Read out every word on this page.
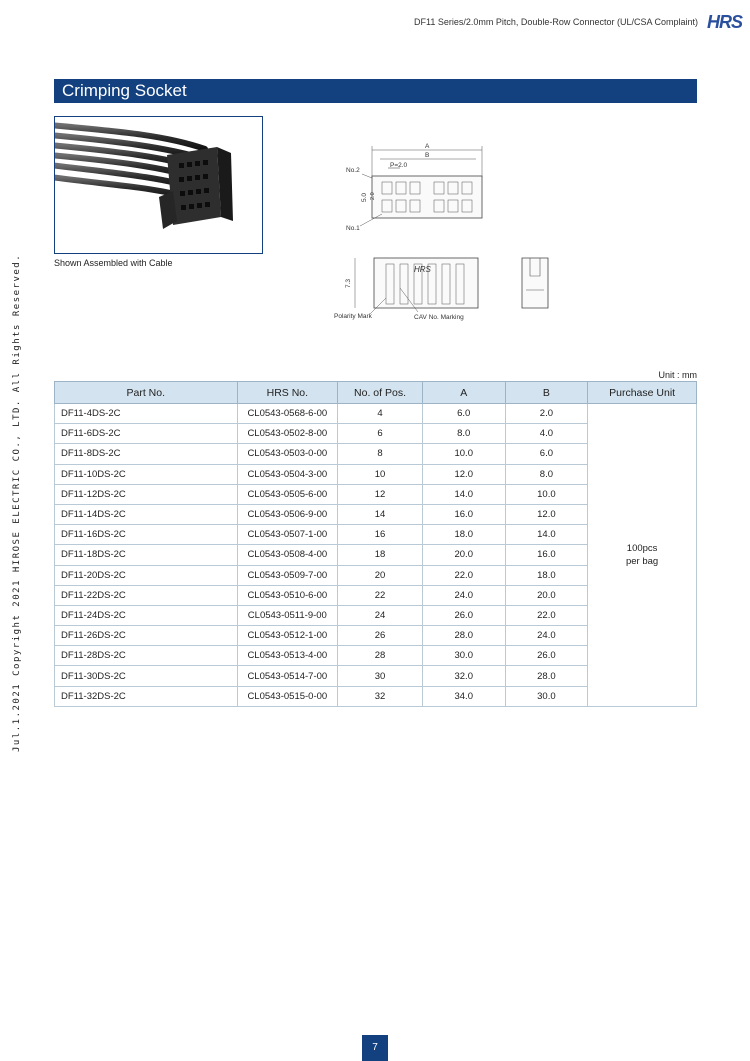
DF11 Series/2.0mm Pitch, Double-Row Connector (UL/CSA Complaint) HRS
Jul.1.2021 Copyright 2021 HIROSE ELECTRIC CO., LTD. All Rights Reserved.
Crimping Socket
Shown Assembled with Cable
A
B
P=2.0
No.2
5.0 2.0
No.1
HRS
7.3
Polarity Mark	CAV No. Marking
Unit : mm
Part No.	HRS No.	No. of Pos.	A	B	Purchase Unit
DF11-4DS-2C	CL0543-0568-6-00	4	6.0	2.0	100pcs
per bag
DF11-6DS-2C	CL0543-0502-8-00	6	8.0	4.0	
DF11-8DS-2C	CL0543-0503-0-00	8	10.0	6.0	
DF11-10DS-2C	CL0543-0504-3-00	10	12.0	8.0	
DF11-12DS-2C	CL0543-0505-6-00	12	14.0	10.0	
DF11-14DS-2C	CL0543-0506-9-00	14	16.0	12.0	
DF11-16DS-2C	CL0543-0507-1-00	16	18.0	14.0	
DF11-18DS-2C	CL0543-0508-4-00	18	20.0	16.0	
DF11-20DS-2C	CL0543-0509-7-00	20	22.0	18.0	
DF11-22DS-2C	CL0543-0510-6-00	22	24.0	20.0	
DF11-24DS-2C	CL0543-0511-9-00	24	26.0	22.0	
DF11-26DS-2C	CL0543-0512-1-00	26	28.0	24.0	
DF11-28DS-2C	CL0543-0513-4-00	28	30.0	26.0	
DF11-30DS-2C	CL0543-0514-7-00	30	32.0	28.0	
DF11-32DS-2C	CL0543-0515-0-00	32	34.0	30.0	
7
